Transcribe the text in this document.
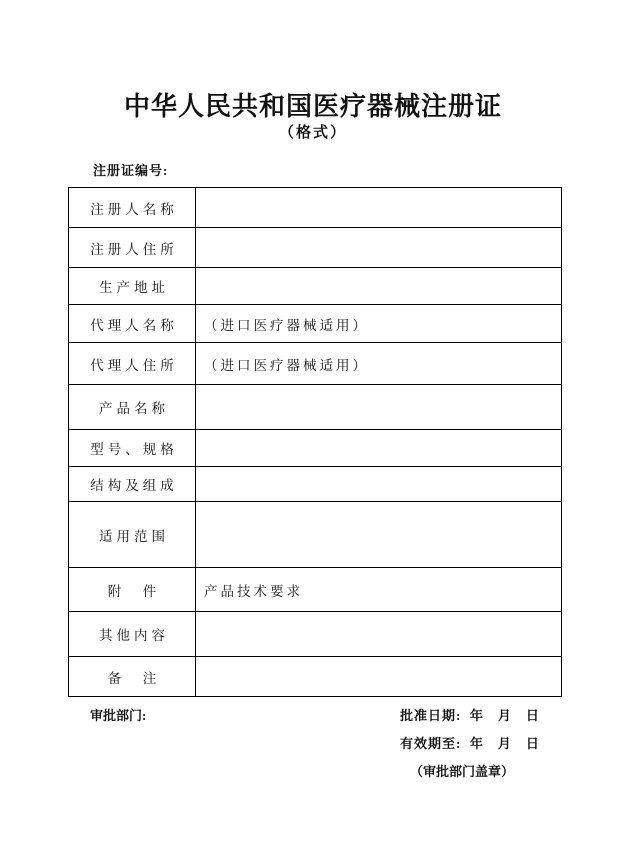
中华人民共和国医疗器械注册证
（格式）
注册证编号:
注册人名称	
注册人住所	
生产地址	
代理人名称	（进口医疗器械适用）
代理人住所	（进口医疗器械适用）
产品名称	
型号、规格	
结构及组成	
适用范围	
附　件	产品技术要求
其他内容	
备　注	
审批部门:	批准日期:  年　月　日
有效期至:  年　月　日
（审批部门盖章）
